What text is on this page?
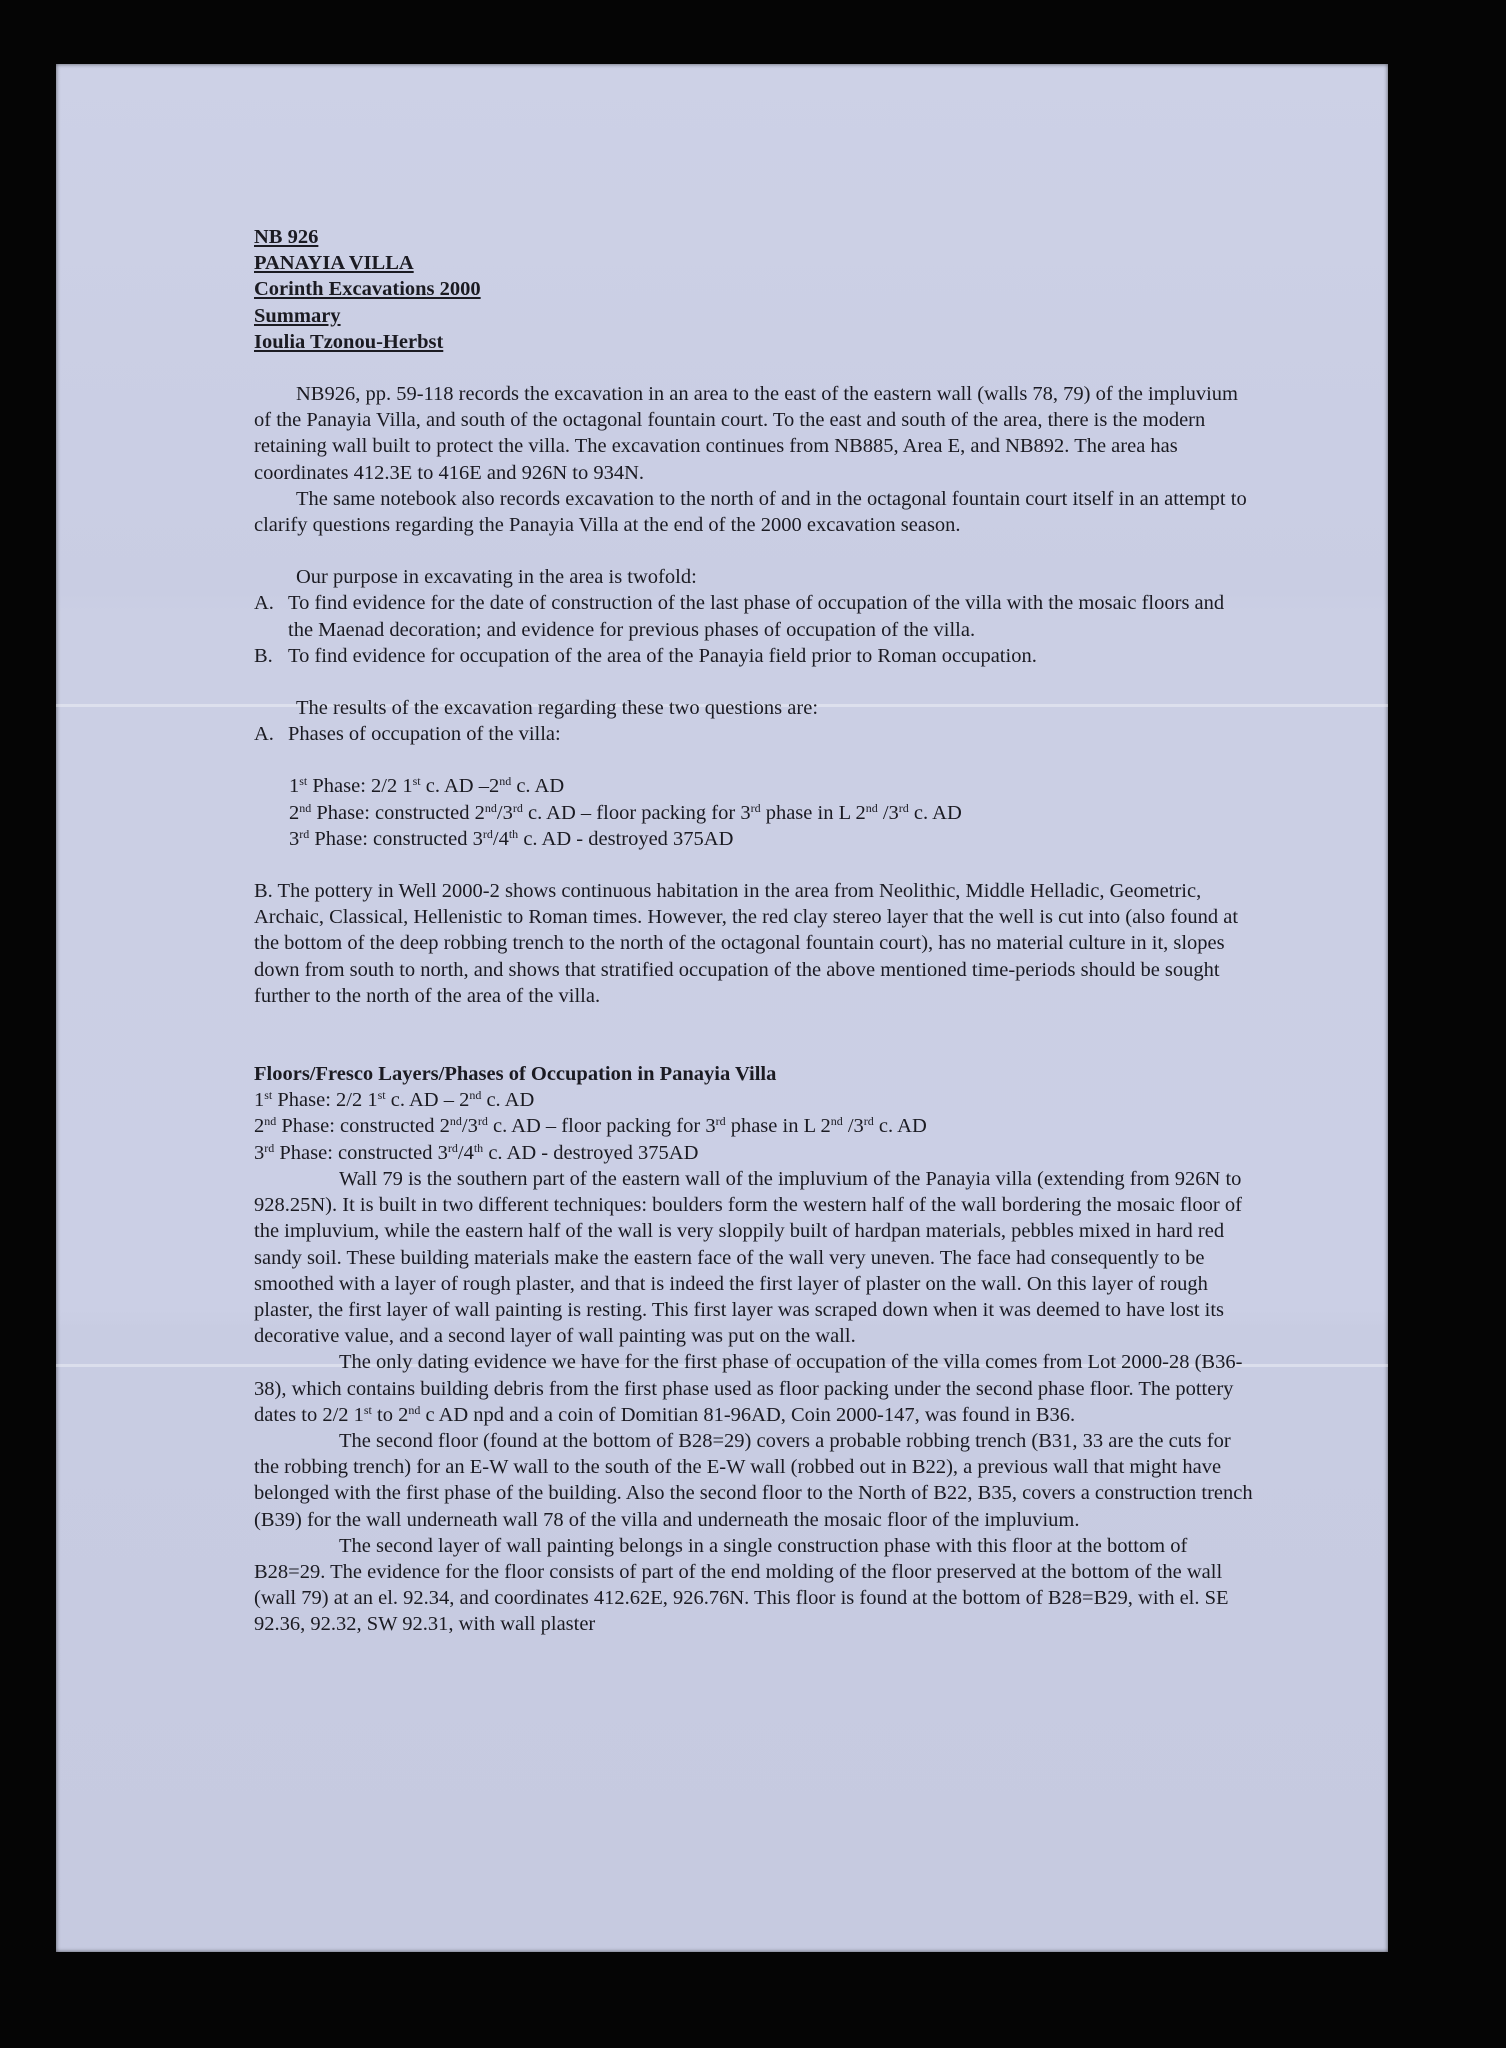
NB 926
PANAYIA VILLA
Corinth Excavations 2000
Summary
Ioulia Tzonou-Herbst
NB926, pp. 59-118 records the excavation in an area to the east of the eastern wall (walls 78, 79) of the impluvium of the Panayia Villa, and south of the octagonal fountain court. To the east and south of the area, there is the modern retaining wall built to protect the villa. The excavation continues from NB885, Area E, and NB892. The area has coordinates 412.3E to 416E and 926N to 934N.
The same notebook also records excavation to the north of and in the octagonal fountain court itself in an attempt to clarify questions regarding the Panayia Villa at the end of the 2000 excavation season.
Our purpose in excavating in the area is twofold:
A. To find evidence for the date of construction of the last phase of occupation of the villa with the mosaic floors and the Maenad decoration; and evidence for previous phases of occupation of the villa.
B. To find evidence for occupation of the area of the Panayia field prior to Roman occupation.
The results of the excavation regarding these two questions are:
A. Phases of occupation of the villa:
1st Phase: 2/2 1st c. AD –2nd c. AD
2nd Phase: constructed 2nd/3rd c. AD – floor packing for 3rd phase in L 2nd /3rd c. AD
3rd Phase: constructed 3rd/4th c. AD - destroyed 375AD
B. The pottery in Well 2000-2 shows continuous habitation in the area from Neolithic, Middle Helladic, Geometric, Archaic, Classical, Hellenistic to Roman times. However, the red clay stereo layer that the well is cut into (also found at the bottom of the deep robbing trench to the north of the octagonal fountain court), has no material culture in it, slopes down from south to north, and shows that stratified occupation of the above mentioned time-periods should be sought further to the north of the area of the villa.
Floors/Fresco Layers/Phases of Occupation in Panayia Villa
1st Phase: 2/2 1st c. AD – 2nd c. AD
2nd Phase: constructed 2nd/3rd c. AD – floor packing for 3rd phase in L 2nd /3rd c. AD
3rd Phase: constructed 3rd/4th c. AD - destroyed 375AD
Wall 79 is the southern part of the eastern wall of the impluvium of the Panayia villa (extending from 926N to 928.25N). It is built in two different techniques: boulders form the western half of the wall bordering the mosaic floor of the impluvium, while the eastern half of the wall is very sloppily built of hardpan materials, pebbles mixed in hard red sandy soil. These building materials make the eastern face of the wall very uneven. The face had consequently to be smoothed with a layer of rough plaster, and that is indeed the first layer of plaster on the wall. On this layer of rough plaster, the first layer of wall painting is resting. This first layer was scraped down when it was deemed to have lost its decorative value, and a second layer of wall painting was put on the wall.
The only dating evidence we have for the first phase of occupation of the villa comes from Lot 2000-28 (B36-38), which contains building debris from the first phase used as floor packing under the second phase floor. The pottery dates to 2/2 1st to 2nd c AD npd and a coin of Domitian 81-96AD, Coin 2000-147, was found in B36.
The second floor (found at the bottom of B28=29) covers a probable robbing trench (B31, 33 are the cuts for the robbing trench) for an E-W wall to the south of the E-W wall (robbed out in B22), a previous wall that might have belonged with the first phase of the building. Also the second floor to the North of B22, B35, covers a construction trench (B39) for the wall underneath wall 78 of the villa and underneath the mosaic floor of the impluvium.
The second layer of wall painting belongs in a single construction phase with this floor at the bottom of B28=29. The evidence for the floor consists of part of the end molding of the floor preserved at the bottom of the wall (wall 79) at an el. 92.34, and coordinates 412.62E, 926.76N. This floor is found at the bottom of B28=B29, with el. SE 92.36, 92.32, SW 92.31, with wall plaster
